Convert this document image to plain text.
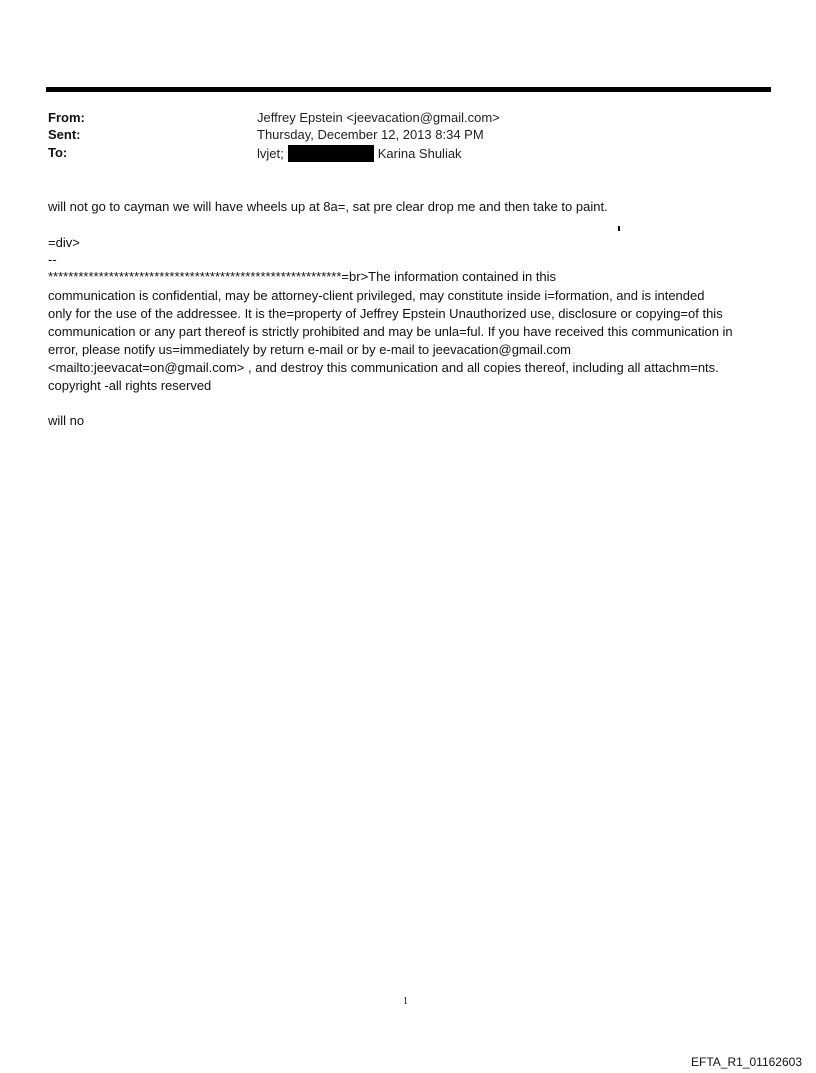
From:	Jeffrey Epstein <jeevacation@gmail.com>
Sent:	Thursday, December 12, 2013 8:34 PM
To:	lvjet;	Karina Shuliak
will not go to cayman we will have wheels up at 8a=, sat pre clear drop me and then take to paint.
=div>
--
**********************************************************=br>The information contained in this
communication is confidential, may be attorney-client privileged, may constitute inside i=formation, and is intended
only for the use of the addressee. It is the=property of Jeffrey Epstein Unauthorized use, disclosure or copying=of this
communication or any part thereof is strictly prohibited and may be unla=ful. If you have received this communication in
error, please notify us=immediately by return e-mail or by e-mail to jeevacation@gmail.com
<mailto:jeevacat=on@gmail.com> , and destroy this communication and all copies thereof, including all attachm=nts.
copyright -all rights reserved
will no
1
EFTA_R1_01162603
